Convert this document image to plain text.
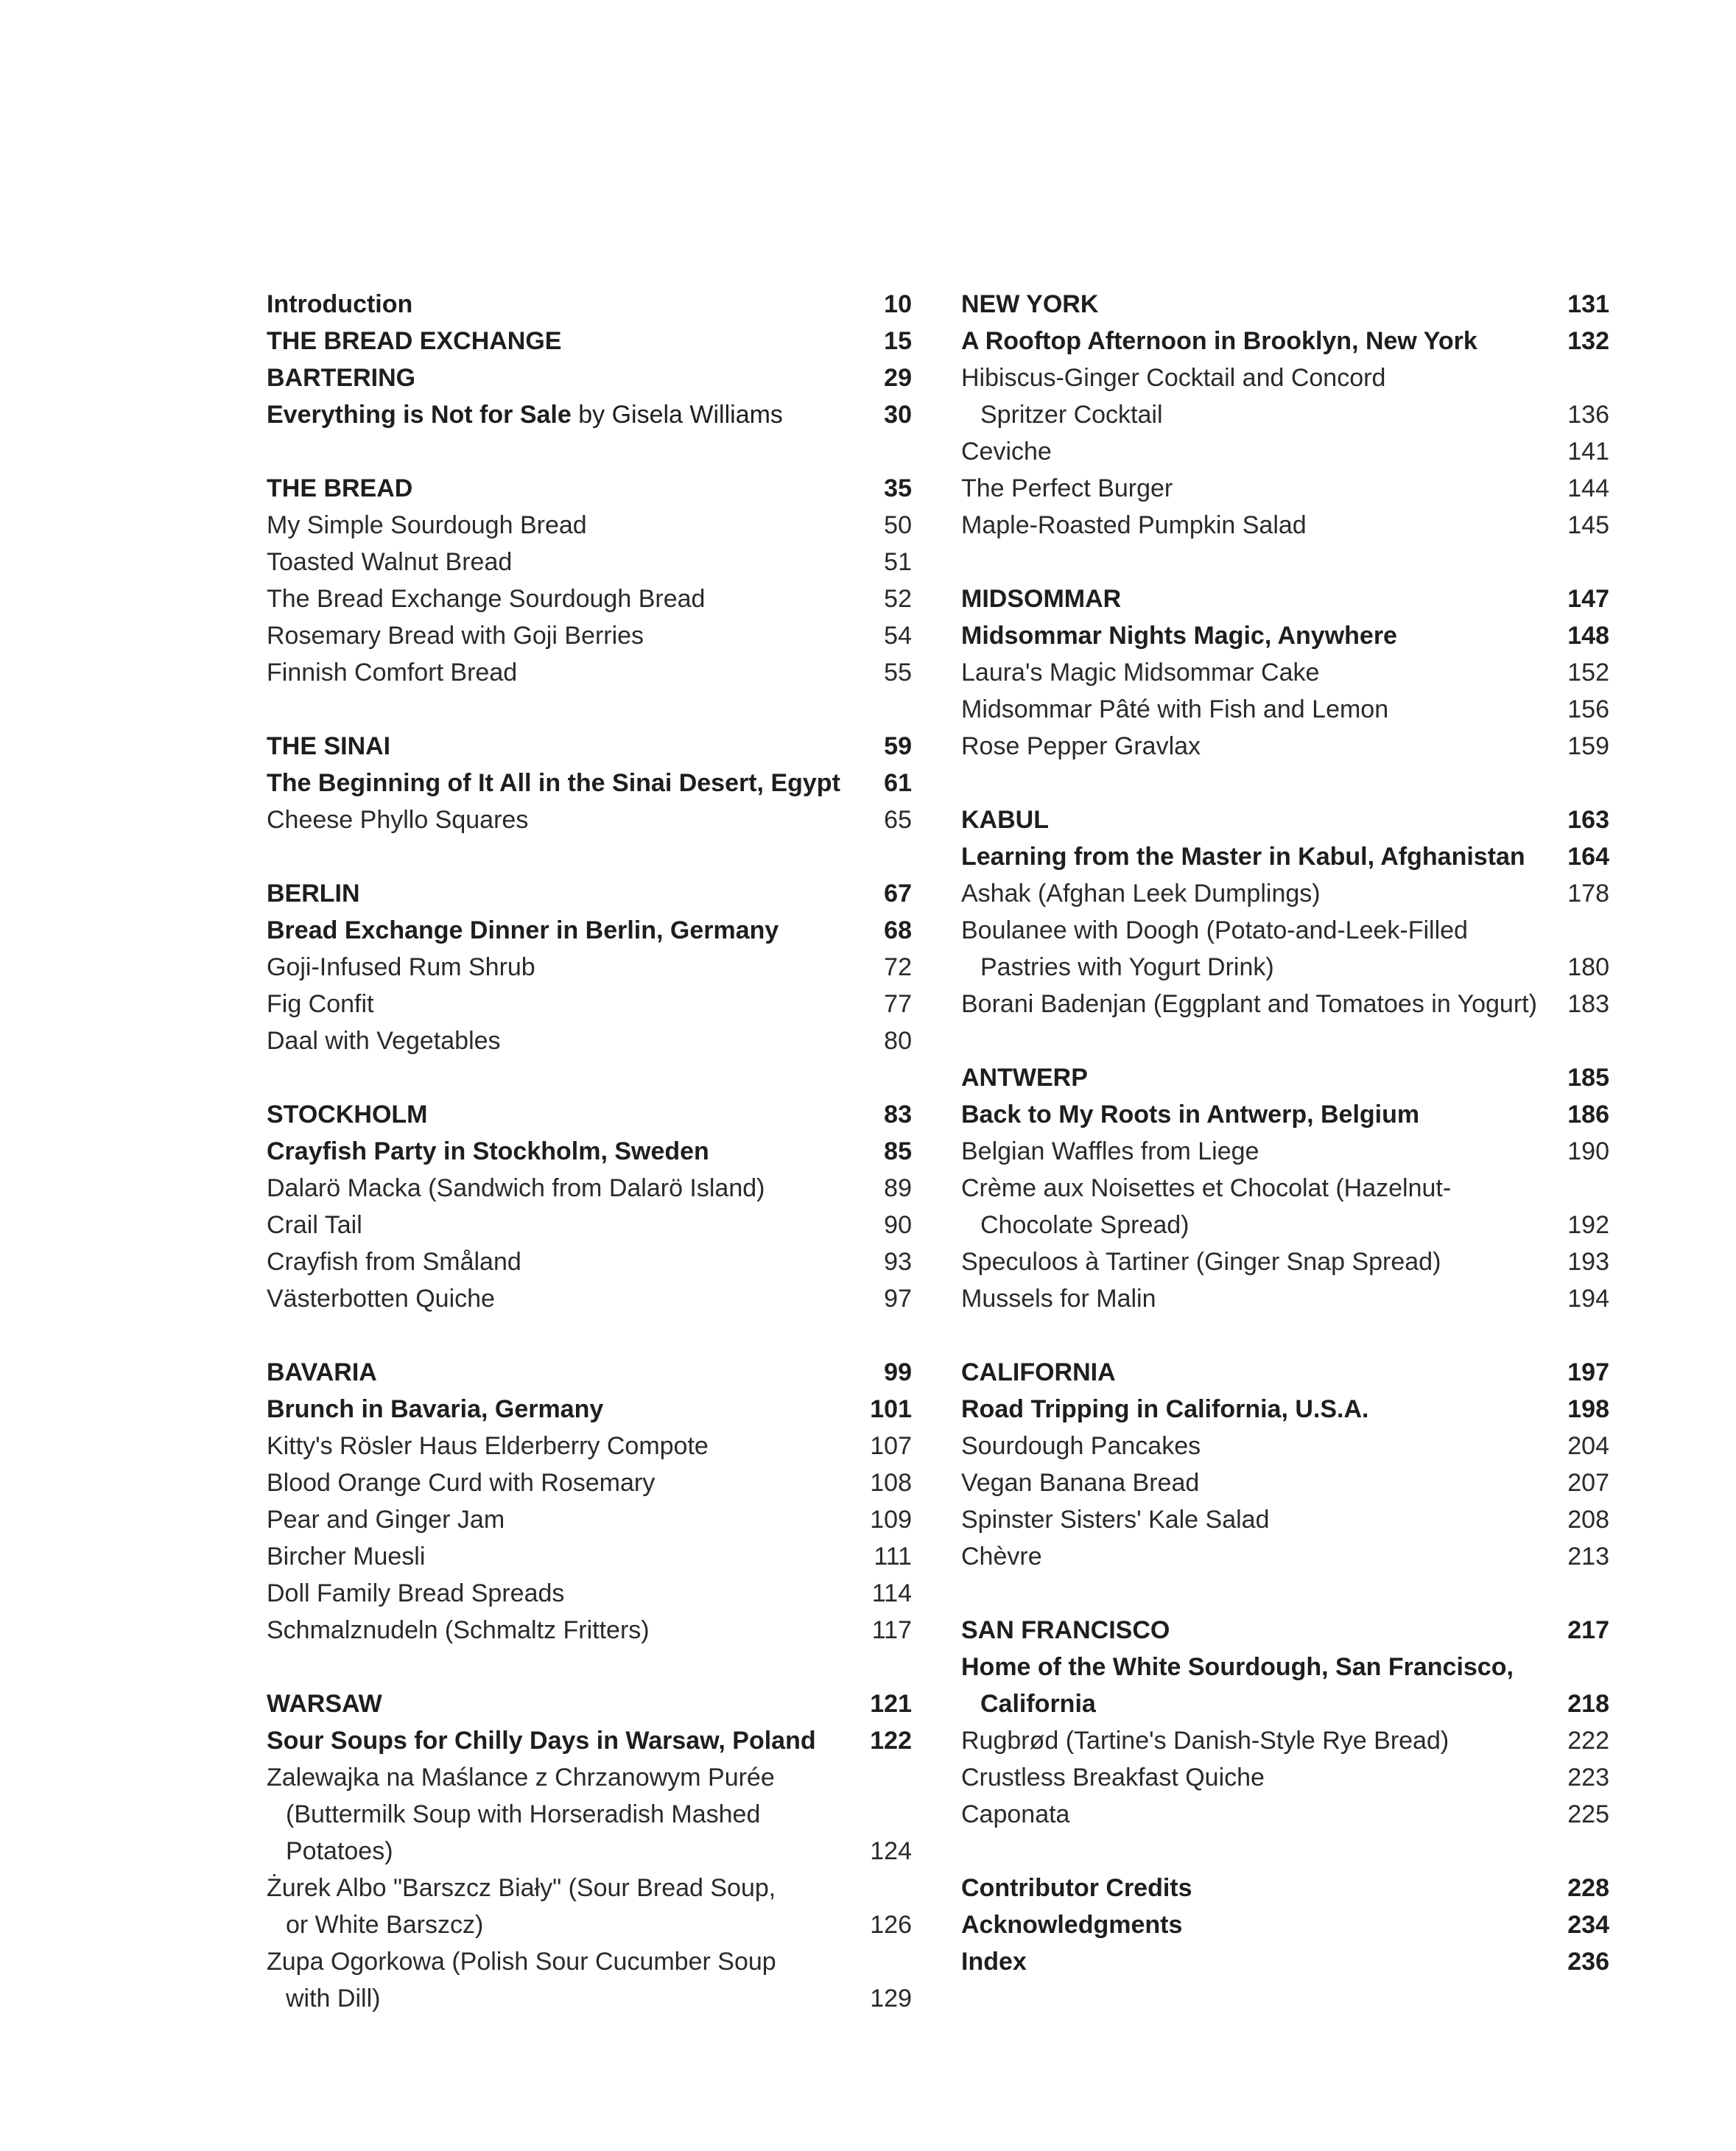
Introduction	10
THE BREAD EXCHANGE	15
BARTERING	29
Everything is Not for Sale by Gisela Williams	30
THE BREAD	35
My Simple Sourdough Bread	50
Toasted Walnut Bread	51
The Bread Exchange Sourdough Bread	52
Rosemary Bread with Goji Berries	54
Finnish Comfort Bread	55
THE SINAI	59
The Beginning of It All in the Sinai Desert, Egypt	61
Cheese Phyllo Squares	65
BERLIN	67
Bread Exchange Dinner in Berlin, Germany	68
Goji-Infused Rum Shrub	72
Fig Confit	77
Daal with Vegetables	80
STOCKHOLM	83
Crayfish Party in Stockholm, Sweden	85
Dalarö Macka (Sandwich from Dalarö Island)	89
Crail Tail	90
Crayfish from Småland	93
Västerbotten Quiche	97
BAVARIA	99
Brunch in Bavaria, Germany	101
Kitty's Rösler Haus Elderberry Compote	107
Blood Orange Curd with Rosemary	108
Pear and Ginger Jam	109
Bircher Muesli	111
Doll Family Bread Spreads	114
Schmalznudeln (Schmaltz Fritters)	117
WARSAW	121
Sour Soups for Chilly Days in Warsaw, Poland	122
Zalewajka na Maślance z Chrzanowym Purée
(Buttermilk Soup with Horseradish Mashed
Potatoes)	124
Żurek Albo "Barszcz Biały" (Sour Bread Soup,
or White Barszcz)	126
Zupa Ogorkowa (Polish Sour Cucumber Soup
with Dill)	129
NEW YORK	131
A Rooftop Afternoon in Brooklyn, New York	132
Hibiscus-Ginger Cocktail and Concord
Spritzer Cocktail	136
Ceviche	141
The Perfect Burger	144
Maple-Roasted Pumpkin Salad	145
MIDSOMMAR	147
Midsommar Nights Magic, Anywhere	148
Laura's Magic Midsommar Cake	152
Midsommar Pâté with Fish and Lemon	156
Rose Pepper Gravlax	159
KABUL	163
Learning from the Master in Kabul, Afghanistan	164
Ashak (Afghan Leek Dumplings)	178
Boulanee with Doogh (Potato-and-Leek-Filled
Pastries with Yogurt Drink)	180
Borani Badenjan (Eggplant and Tomatoes in Yogurt)	183
ANTWERP	185
Back to My Roots in Antwerp, Belgium	186
Belgian Waffles from Liege	190
Crème aux Noisettes et Chocolat (Hazelnut-
Chocolate Spread)	192
Speculoos à Tartiner (Ginger Snap Spread)	193
Mussels for Malin	194
CALIFORNIA	197
Road Tripping in California, U.S.A.	198
Sourdough Pancakes	204
Vegan Banana Bread	207
Spinster Sisters' Kale Salad	208
Chèvre	213
SAN FRANCISCO	217
Home of the White Sourdough, San Francisco,
California	218
Rugbrød (Tartine's Danish-Style Rye Bread)	222
Crustless Breakfast Quiche	223
Caponata	225
Contributor Credits	228
Acknowledgments	234
Index	236
